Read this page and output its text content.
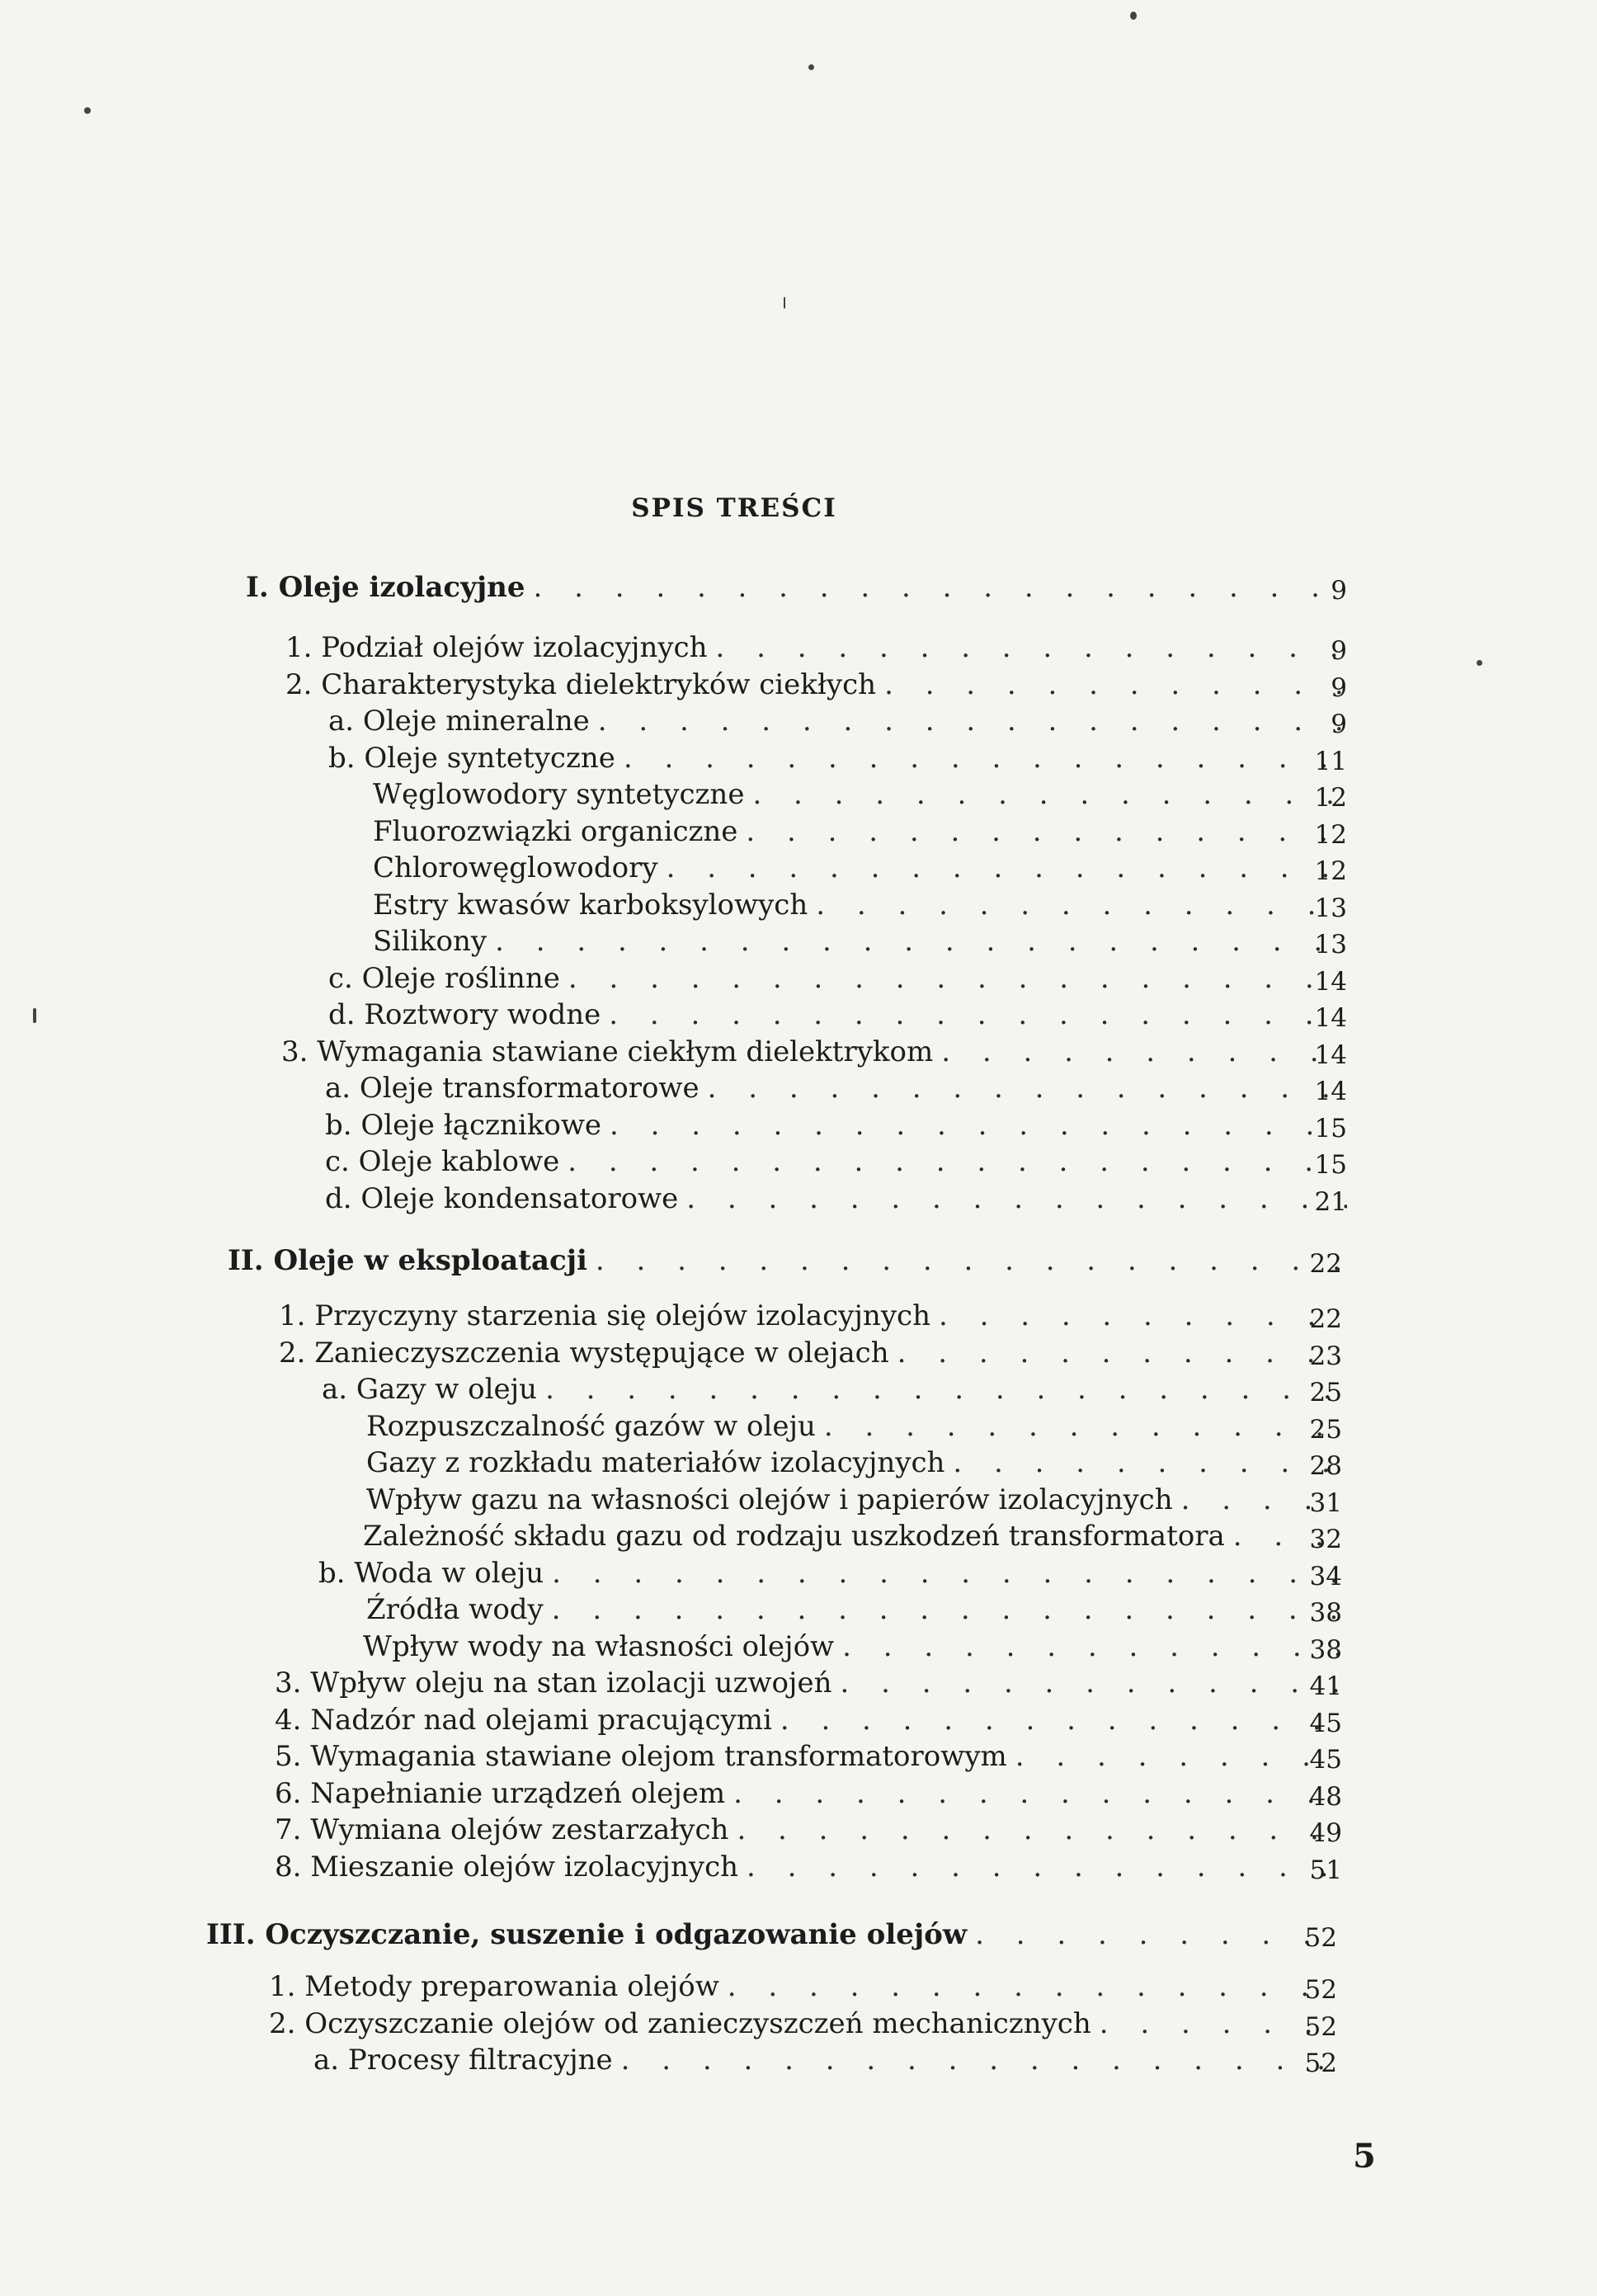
SPIS TREŚCI
I. Oleje izolacyjne . . .	9
1. Podział olejów izolacyjnych . . .	9
2. Charakterystyka dielektryków ciekłych . . .	9
a. Oleje mineralne . . .	9
b. Oleje syntetyczne . . .	11
Węglowodory syntetyczne . . .	12
Fluorozwiązki organiczne . . .	12
Chlorowęglowodory . . .	12
Estry kwasów karboksylowych . . .	13
Silikony . . .	13
c. Oleje roślinne . . .	14
d. Roztwory wodne . . .	14
3. Wymagania stawiane ciekłym dielektrykom . . .	14
a. Oleje transformatorowe . . .	14
b. Oleje łącznikowe . . .	15
c. Oleje kablowe . . .	15
d. Oleje kondensatorowe . . .	21
II. Oleje w eksploatacji . . .	22
1. Przyczyny starzenia się olejów izolacyjnych . . .	22
2. Zanieczyszczenia występujące w olejach . . .	23
a. Gazy w oleju . . .	25
Rozpuszczalność gazów w oleju . . .	25
Gazy z rozkładu materiałów izolacyjnych . . .	28
Wpływ gazu na własności olejów i papierów izolacyjnych . . .	31
Zależność składu gazu od rodzaju uszkodzeń transformatora . . .	32
b. Woda w oleju . . .	34
Źródła wody . . .	38
Wpływ wody na własności olejów . . .	38
3. Wpływ oleju na stan izolacji uzwojeń . . .	41
4. Nadzór nad olejami pracującymi . . .	45
5. Wymagania stawiane olejom transformatorowym . . .	45
6. Napełnianie urządzeń olejem . . .	48
7. Wymiana olejów zestarzałych . . .	49
8. Mieszanie olejów izolacyjnych . . .	51
III. Oczyszczanie, suszenie i odgazowanie olejów . . .	52
1. Metody preparowania olejów . . .	52
2. Oczyszczanie olejów od zanieczyszczeń mechanicznych . . .	52
a. Procesy filtracyjne . . .	52
5
